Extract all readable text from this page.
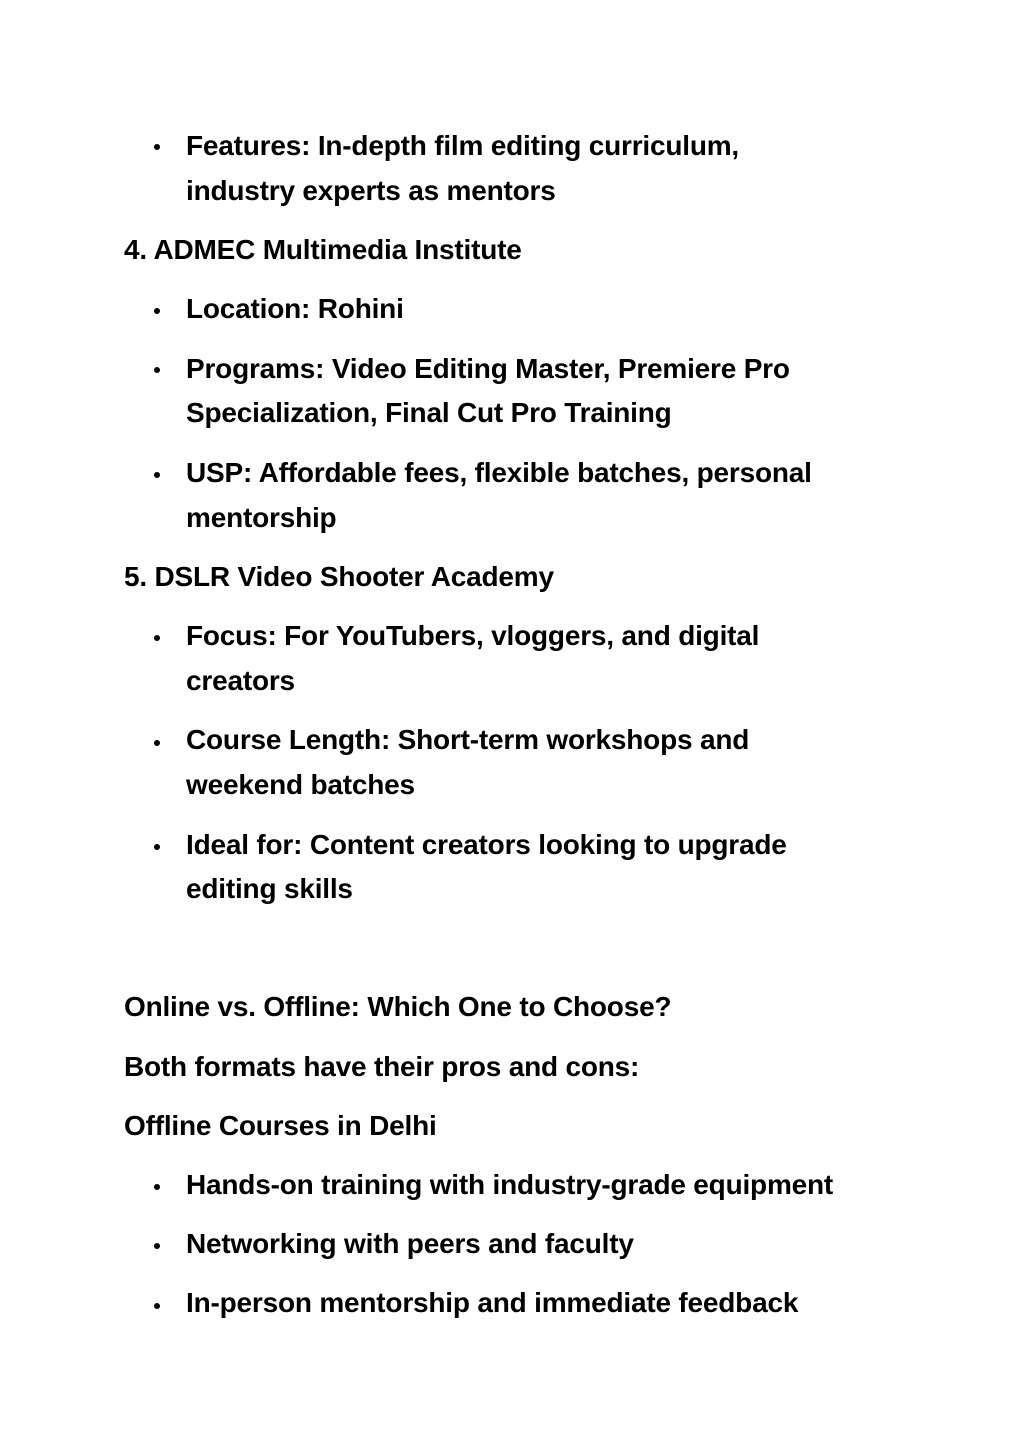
Features: In-depth film editing curriculum,
industry experts as mentors
4. ADMEC Multimedia Institute
Location: Rohini
Programs: Video Editing Master, Premiere Pro
Specialization, Final Cut Pro Training
USP: Affordable fees, flexible batches, personal
mentorship
5. DSLR Video Shooter Academy
Focus: For YouTubers, vloggers, and digital
creators
Course Length: Short-term workshops and
weekend batches
Ideal for: Content creators looking to upgrade
editing skills
Online vs. Offline: Which One to Choose?
Both formats have their pros and cons:
Offline Courses in Delhi
Hands-on training with industry-grade equipment
Networking with peers and faculty
In-person mentorship and immediate feedback
